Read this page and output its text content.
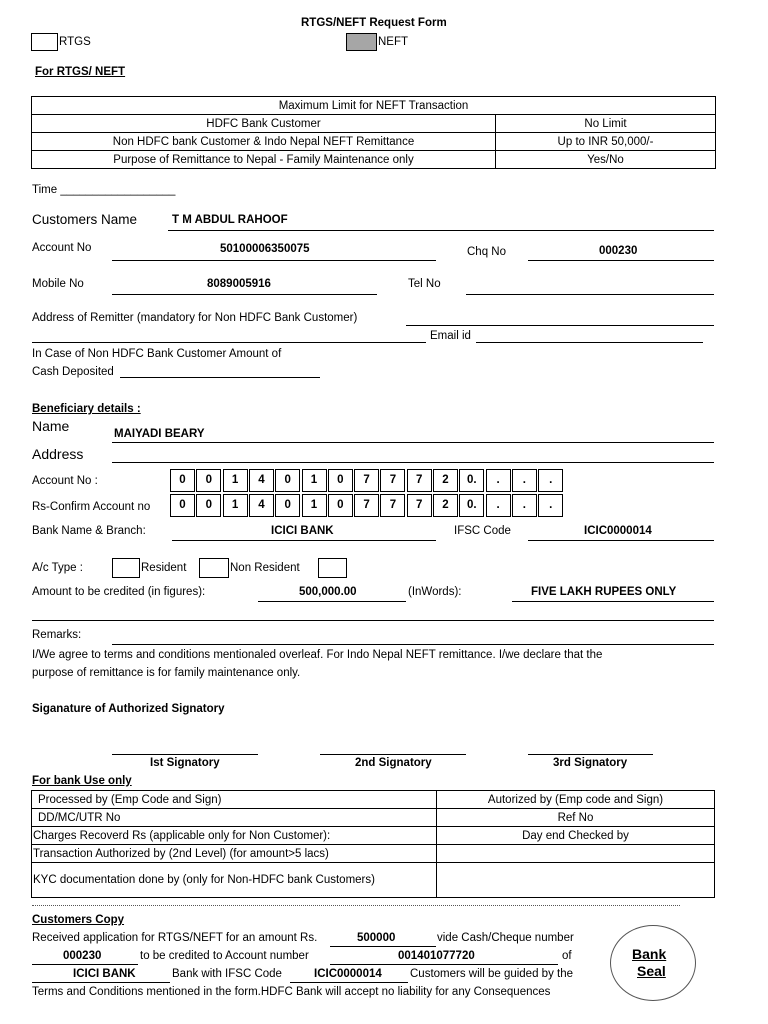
RTGS/NEFT Request Form
RTGS	NEFT
For RTGS/ NEFT
Maximum Limit for NEFT Transaction	
HDFC Bank Customer	No Limit
Non HDFC bank Customer & Indo Nepal NEFT Remittance	Up to INR 50,000/-
Purpose of Remittance to Nepal - Family Maintenance only	Yes/No
Time __________________
Customers Name	T M ABDUL RAHOOF
Account No	50100006350075	Chq No	000230
Mobile No	8089005916	Tel No
Address of Remitter (mandatory for Non HDFC Bank Customer)
Email id
In Case of Non HDFC Bank Customer Amount of
Cash Deposited
Beneficiary details :
Name	MAIYADI BEARY
Address
Account No :	0	0	1	4	0	1	0	7	7	7	2	0.	.	.	.
Rs-Confirm Account no	0	0	1	4	0	1	0	7	7	7	2	0.	.	.	.
Bank Name & Branch:	ICICI BANK	IFSC Code	ICIC0000014
A/c Type :	Resident	Non Resident
Amount to be credited (in figures):	500,000.00	(InWords):	FIVE LAKH RUPEES ONLY
Remarks:
I/We agree to terms and conditions mentionaled overleaf. For Indo Nepal NEFT remittance. I/we declare that the
purpose of remittance is for family maintenance only.
Siganature of Authorized Signatory
Ist Signatory	2nd Signatory	3rd Signatory
For bank Use only
Processed by (Emp Code and Sign)	Autorized by (Emp code and Sign)
DD/MC/UTR No	Ref No
Charges Recoverd Rs (applicable only for Non Customer):	Day end Checked by
Transaction Authorized by (2nd Level) (for amount>5 lacs)	
KYC documentation done by (only for Non-HDFC bank Customers)	
Customers Copy
Received application for RTGS/NEFT for an amount Rs.	500000	vide Cash/Cheque number
000230	to be credited to Account number	001401077720	of
ICICI BANK	Bank with IFSC Code	ICIC0000014 Customers will be guided by the
Terms and Conditions mentioned in the form.HDFC Bank will accept no liability for any Consequences
Bank
Seal
